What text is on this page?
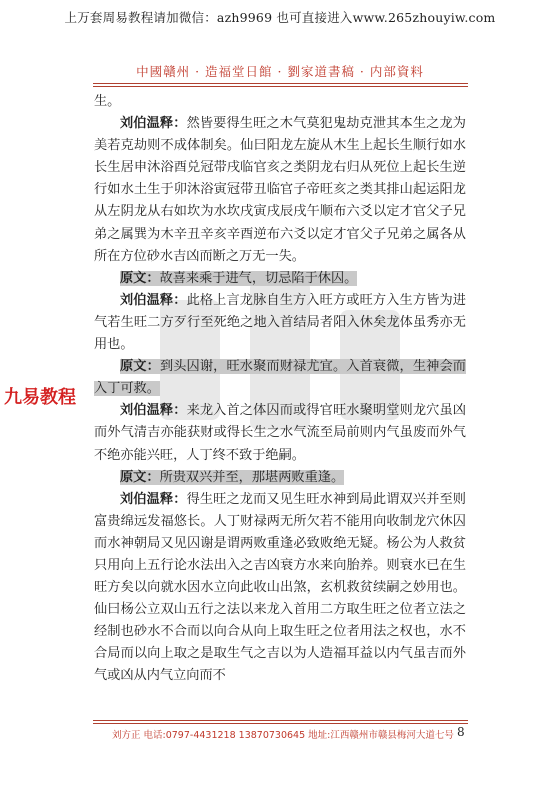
上万套周易教程请加微信：azh9969 也可直接进入www.265zhouyiw.com
中國贛州 · 造福堂日館 · 劉家道書稿 · 内部資料
九易教程

生。

刘伯温释：然皆要得生旺之木气莫犯鬼劫克泄其本生之龙为美若克劫则不成体制矣。仙曰阳龙左旋从木生上起长生顺行如水长生居申沐浴酉兑冠带戌临官亥之类阴龙右归从死位上起长生逆行如水土生于卯沐浴寅冠带丑临官子帝旺亥之类其排山起运阳龙从左阴龙从右如坎为水坎戌寅戌辰戌午顺布六爻以定才官父子兄弟之属巽为木辛丑辛亥辛酉逆布六爻以定才官父子兄弟之属各从所在方位砂水吉凶而断之万无一失。

原文：故喜来乘于进气，切忌陷于休囚。

刘伯温释：此格上言龙脉自生方入旺方或旺方入生方皆为进气若生旺二方歹行至死绝之地入首结局者阳入休矣龙体虽秀亦无用也。

原文：到头囚谢，旺水聚而财禄尤宜。入首衰微，生神会而入丁可救。

刘伯温释：来龙入首之体囚而或得官旺水聚明堂则龙穴虽凶而外气清吉亦能获财或得长生之水气流至局前则内气虽废而外气不绝亦能兴旺，人丁终不致于绝嗣。

原文：所贵双兴并至，那堪两败重逢。

刘伯温释：得生旺之龙而又见生旺水神到局此谓双兴并至则富贵绵远发福悠长。人丁财禄两无所欠若不能用向收制龙穴休囚而水神朝局又见囚谢是谓两败重逢必致败绝无疑。杨公为人救贫只用向上五行论水法出入之吉凶衰方水来向胎养。则衰水已在生旺方矣以向就水因水立向此收山出煞，玄机救贫续嗣之妙用也。仙曰杨公立双山五行之法以来龙入首用二方取生旺之位者立法之经制也砂水不合而以向合从向上取生旺之位者用法之权也，水不合局而以向上取之是取生气之吉以为人造福耳益以内气虽吉而外气或凶从内气立向而不

刘方正 电话:0797-4431218 13870730645 地址:江西赣州市赣县梅河大道七号 8
